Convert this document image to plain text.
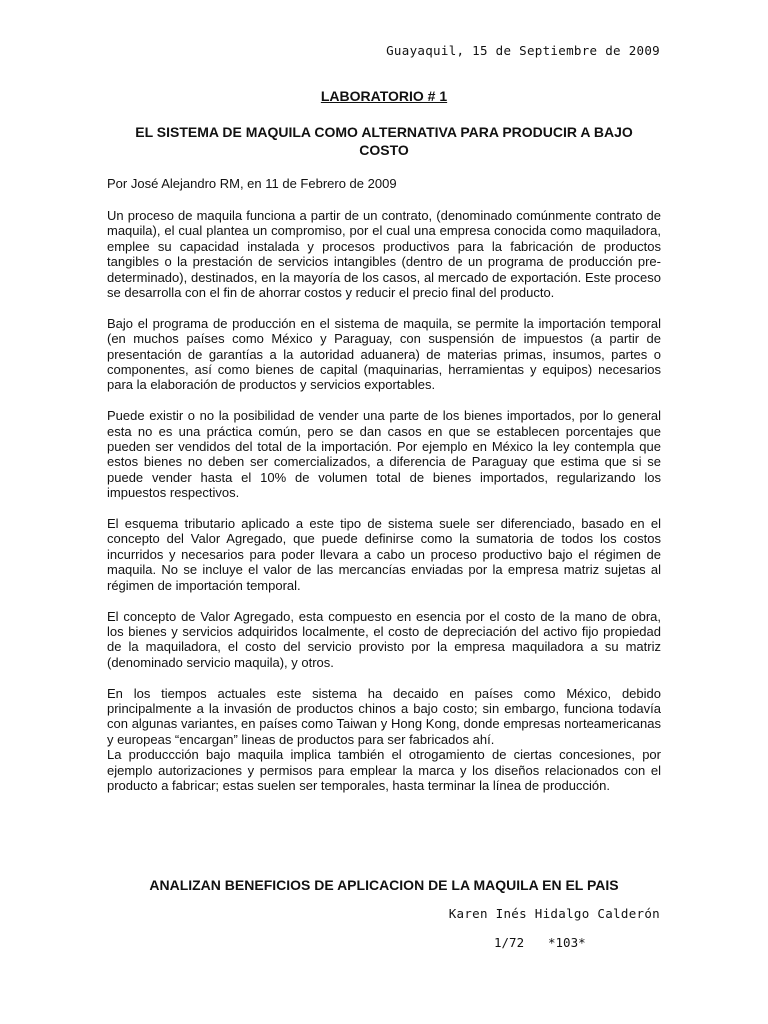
Guayaquil, 15 de Septiembre de 2009
LABORATORIO # 1
EL SISTEMA DE MAQUILA COMO ALTERNATIVA PARA PRODUCIR A BAJO COSTO
Por José Alejandro RM, en 11 de Febrero de 2009

Un proceso de maquila funciona a partir de un contrato, (denominado comúnmente contrato de maquila), el cual plantea un compromiso, por el cual una empresa conocida como maquiladora, emplee su capacidad instalada y procesos productivos para la fabricación de productos tangibles o la prestación de servicios intangibles (dentro de un programa de producción pre-determinado), destinados, en la mayoría de los casos, al mercado de exportación. Este proceso se desarrolla con el fin de ahorrar costos y reducir el precio final del producto.

Bajo el programa de producción en el sistema de maquila, se permite la importación temporal (en muchos países como México y Paraguay, con suspensión de impuestos (a partir de presentación de garantías a la autoridad aduanera) de materias primas, insumos, partes o componentes, así como bienes de capital (maquinarias, herramientas y equipos) necesarios para la elaboración de productos y servicios exportables.

Puede existir o no la posibilidad de vender una parte de los bienes importados, por lo general esta no es una práctica común, pero se dan casos en que se establecen porcentajes que pueden ser vendidos del total de la importación. Por ejemplo en México la ley contempla que estos bienes no deben ser comercializados, a diferencia de Paraguay que estima que si se puede vender hasta el 10% de volumen total de bienes importados, regularizando los impuestos respectivos.

El esquema tributario aplicado a este tipo de sistema suele ser diferenciado, basado en el concepto del Valor Agregado, que puede definirse como la sumatoria de todos los costos incurridos y necesarios para poder llevara a cabo un proceso productivo bajo el régimen de maquila. No se incluye el valor de las mercancías enviadas por la empresa matriz sujetas al régimen de importación temporal.

El concepto de Valor Agregado, esta compuesto en esencia por el costo de la mano de obra, los bienes y servicios adquiridos localmente, el costo de depreciación del activo fijo propiedad de la maquiladora, el costo del servicio provisto por la empresa maquiladora a su matriz (denominado servicio maquila), y otros.

En los tiempos actuales este sistema ha decaido en países como México, debido principalmente a la invasión de productos chinos a bajo costo; sin embargo, funciona todavía con algunas variantes, en países como Taiwan y Hong Kong, donde empresas norteamericanas y europeas “encargan” lineas de productos para ser fabricados ahí.

La produccción bajo maquila implica también el otrogamiento de ciertas concesiones, por ejemplo autorizaciones y permisos para emplear la marca y los diseños relacionados con el producto a fabricar; estas suelen ser temporales, hasta terminar la línea de producción.

ANALIZAN BENEFICIOS DE APLICACION DE LA MAQUILA EN EL PAIS
Karen Inés Hidalgo Calderón
1/72 *103*
